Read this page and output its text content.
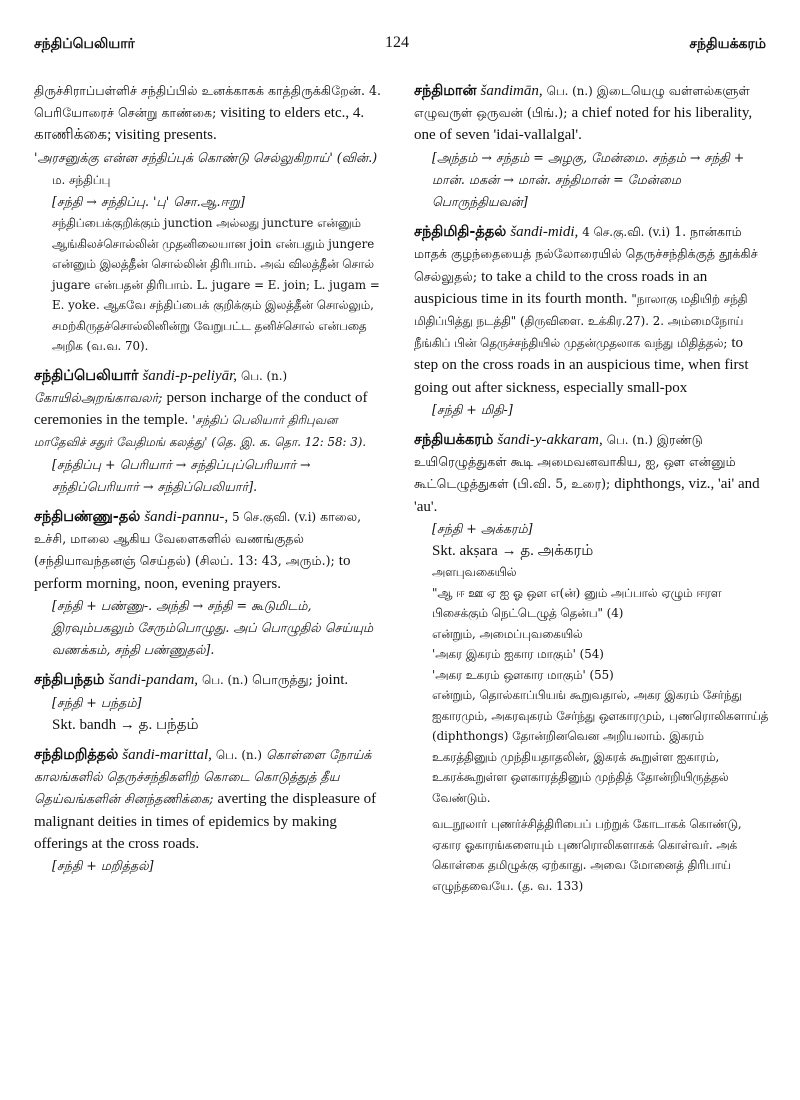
சந்திப்பெலியார்	124	சந்தியக்கரம்

திருச்சிராப்பள்ளிச் சந்திப்பில் உனக்காகக் காத்திருக்கிறேன். 4. பெரியோரைச் சென்று காண்கை; visiting to elders etc., 4. காணிக்கை; visiting presents.

'அரசனுக்கு என்ன சந்திப்புக் கொண்டு செல்லுகிறாய்' (வின்.)

ம. சந்திப்பு

[சந்தி → சந்திப்பு. 'பு' சொ.ஆ.ஈறு]

சந்திப்பைக்குறிக்கும் junction அல்லது juncture என்னும் ஆங்கிலச்சொல்லின் முதனிலையான join என்பதும் jungere என்னும் இலத்தீன் சொல்லின் திரிபாம். அவ் விலத்தீன் சொல் jugare என்பதன் திரிபாம். L. jugare = E. join; L. jugam = E. yoke. ஆகவே சந்திப்பைக் குறிக்கும் இலத்தீன் சொல்லும், சமற்கிருதச்சொல்லினின்று வேறுபட்ட தனிச்சொல் என்பதை அறிக (வ.வ. 70).

சந்திப்பெலியார் šandi-p-peliyār, பெ. (n.) கோயில்அறங்காவலர்; person incharge of the conduct of ceremonies in the temple. 'சந்திப் பெலியார் திரிபுவன மாதேவிச் சதுர் வேதிமங் கலத்து' (தெ. இ. க. தொ. 12: 58: 3).

[சந்திப்பு + பெரியார் → சந்திப்புப்பெரியார் → சந்திப்பெரியார் → சந்திப்பெலியார்].

சந்திபண்ணு-தல் šandi-pannu-, 5 செ.குவி. (v.i) காலை, உச்சி, மாலை ஆகிய வேளைகளில் வணங்குதல் (சந்தியாவந்தனஞ் செய்தல்) (சிலப். 13: 43, அரும்.); to perform morning, noon, evening prayers.

[சந்தி + பண்ணு-. அந்தி → சந்தி = கூடுமிடம், இரவும்பகலும் சேரும்பொழுது. அப் பொழுதில் செய்யும் வணக்கம், சந்தி பண்ணுதல்].

சந்திபந்தம் šandi-pandam, பெ. (n.) பொருத்து; joint.

[சந்தி + பந்தம்]

Skt. bandh → த. பந்தம்

சந்திமறித்தல் šandi-marittal, பெ. (n.) கொள்ளை நோய்க் காலங்களில் தெருச்சந்திகளிற் கொடை கொடுத்துத் தீய தெய்வங்களின் சினந்தணிக்கை; averting the displeasure of malignant deities in times of epidemics by making offerings at the cross roads.

[சந்தி + மறித்தல்]

சந்திமான் šandimān, பெ. (n.) இடையெழு வள்ளல்களுள் எழுவருள் ஒருவன் (பிங்.); a chief noted for his liberality, one of seven 'idai-vallalgal'.

[அந்தம் → சந்தம் = அழகு, மேன்மை. சந்தம் → சந்தி + மான். மகன் → மான். சந்திமான் = மேன்மை பொருந்தியவன்]

சந்திமிதி-த்தல் šandi-midi, 4 செ.கு.வி. (v.i) 1. நான்காம் மாதக் குழந்தையைத் நல்லோரையில் தெருச்சந்திக்குத் தூக்கிச் செல்லுதல்; to take a child to the cross roads in an auspicious time in its fourth month. "நாலாகு மதியிற் சந்தி மிதிப்பித்து நடத்தி" (திருவிளை. உக்கிர.27). 2. அம்மைநோய் நீங்கிப் பின் தெருச்சந்தியில் முதன்முதலாக வந்து மிதித்தல்; to step on the cross roads in an auspicious time, when first going out after sickness, especially small-pox

[சந்தி + மிதி-]

சந்தியக்கரம் šandi-y-akkaram, பெ. (n.) இரண்டு உயிரெழுத்துகள் கூடி அமைவனவாகிய, ஐ, ஔ என்னும் கூட்டெழுத்துகள் (பி.வி. 5, உரை); diphthongs, viz., 'ai' and 'au'.

[சந்தி + அக்கரம்]

Skt. akṣara → த. அக்கரம்

அளபுவகையில்

"ஆ ஈ ஊ ஏ ஐ ஓ ஔ எ(ன்) னும் அப்பால் ஏழும் ஈரள பிசைக்கும் நெட்டெழுத் தென்ப" (4)

என்றும், அமைப்புவகையில்

'அகர இகரம் ஐகார மாகும்' (54)

'அகர உகரம் ஔகார மாகும்' (55)

என்றும், தொல்காப்பியங் கூறுவதால், அகர இகரம் சேர்ந்து ஐகாரமும், அகரவுகரம் சேர்ந்து ஔகாரமும், புணரொலிகளாய்த் (diphthongs) தோன்றினவென அறியலாம். இகரம் உகரத்தினும் முந்தியதாதலின், இகரக் கூறுள்ள ஐகாரம், உகரக்கூறுள்ள ஔகாரத்தினும் முந்தித் தோன்றியிருத்தல் வேண்டும்.

வடநூலார் புணர்ச்சித்திரிபைப் பற்றுக் கோடாகக் கொண்டு, ஏகார ஓகாரங்களையும் புணரொலிகளாகக் கொள்வர். அக் கொள்கை தமிழுக்கு ஏற்காது. அவை மோனைத் திரிபாய் எழுந்தவையே. (த. வ. 133)
